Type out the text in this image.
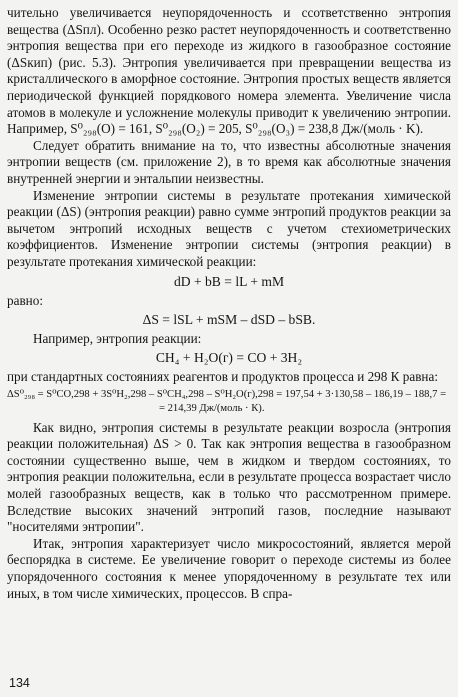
чительно увеличивается неупорядоченность и ссответственно энтропия вещества (ΔSпл). Особенно резко растет неупорядоченность и соответственно энтропия вещества при его переходе из жидкого в газообразное состояние (ΔSкип) (рис. 5.3). Энтропия увеличивается при превращении вещества из кристаллического в аморфное состояние. Энтропия простых веществ является периодической функцией порядкового номера элемента. Увеличение числа атомов в молекуле и усложнение молекулы приводит к увеличению энтропии. Например, S⁰₂₉₈(O) = 161, S⁰₂₉₈(O₂) = 205, S⁰₂₉₈(O₃) = 238,8 Дж/(моль · K).

Следует обратить внимание на то, что известны абсолютные значения энтропии веществ (см. приложение 2), в то время как абсолютные значения внутренней энергии и энтальпии неизвестны.

Изменение энтропии системы в результате протекания химической реакции (ΔS) (энтропия реакции) равно сумме энтропий продуктов реакции за вычетом энтропий исходных веществ с учетом стехиометрических коэффициентов. Изменение энтропии системы (энтропия реакции) в результате протекания химической реакции:

dD + bB = lL + mM

равно:

ΔS = lSL + mSM – dSD – bSB.

Например, энтропия реакции:

CH₄ + H₂O(г) = CO + 3H₂

при стандартных состояниях реагентов и продуктов процесса и 298 К равна:

ΔS⁰₂₉₈ = S⁰CO,298 + 3S⁰H₂,298 – S⁰CH₄,298 – S⁰H₂O(г),298 = 197,54 + 3·130,58 – 186,19 – 188,7 =

= 214,39 Дж/(моль · К).

Как видно, энтропия системы в результате реакции возросла (энтропия реакции положительная) ΔS > 0. Так как энтропия вещества в газообразном состоянии существенно выше, чем в жидком и твердом состояниях, то энтропия реакции положительна, если в результате процесса возрастает число молей газообразных веществ, как в только что рассмотренном примере. Вследствие высоких значений энтропий газов, последние называют "носителями энтропии".

Итак, энтропия характеризует число микросостояний, является мерой беспорядка в системе. Ее увеличение говорит о переходе системы из более упорядоченного состояния к менее упорядоченному в результате тех или иных, в том числе химических, процессов. В спра-

134
